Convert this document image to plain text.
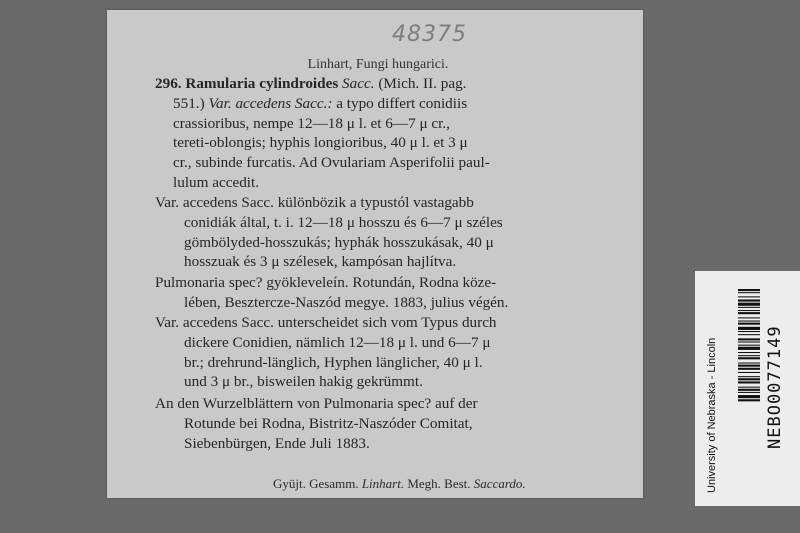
48375
Linhart, Fungi hungarici.
296. Ramularia cylindroides Sacc. (Mich. II. pag.
551.) Var. accedens Sacc.: a typo differt conidiis
crassioribus, nempe 12—18 μ l. et 6—7 μ cr.,
tereti-oblongis; hyphis longioribus, 40 μ l. et 3 μ
cr., subinde furcatis. Ad Ovulariam Asperifolii paul-
lulum accedit.
Var. accedens Sacc. különbözik a typustól vastagabb
conidiák által, t. i. 12—18 μ hosszu és 6—7 μ széles
gömbölyded-hosszukás; hyphák hosszukásak, 40 μ
hosszuak és 3 μ szélesek, kampósan hajlítva.
Pulmonaria spec? gyökleveleín. Rotundán, Rodna köze-
lében, Beszterczе-Naszód megye. 1883, julius végén.
Var. accedens Sacc. unterscheidet sich vom Typus durch
dickere Conidien, nämlich 12—18 μ l. und 6—7 μ
br.; drehrund-länglich, Hyphen länglicher, 40 μ l.
und 3 μ br., bisweilen hakig gekrümmt.
An den Wurzelblättern von Pulmonaria spec? auf der
Rotunde bei Rodna, Bistritz-Naszóder Comitat,
Siebenbürgen, Ende Juli 1883.
Gyüjt. Gesamm. Linhart. Megh. Best. Saccardo.	University of Nebraska - Lincoln	NEBO0077149
